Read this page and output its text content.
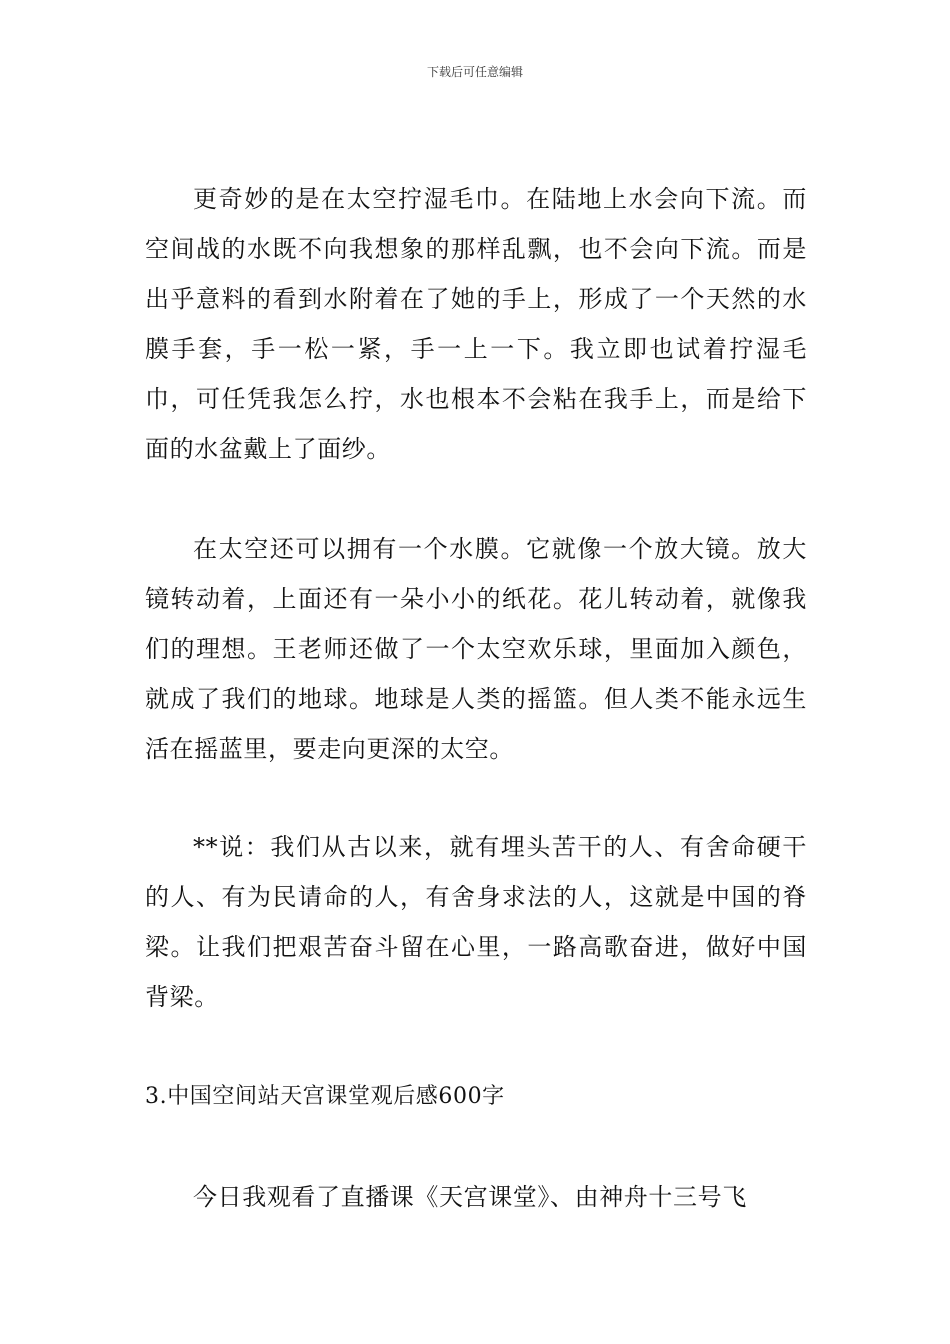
下载后可任意编辑

更奇妙的是在太空拧湿毛巾。在陆地上水会向下流。而空间战的水既不向我想象的那样乱飘，也不会向下流。而是出乎意料的看到水附着在了她的手上，形成了一个天然的水膜手套，手一松一紧，手一上一下。我立即也试着拧湿毛巾，可任凭我怎么拧，水也根本不会粘在我手上，而是给下面的水盆戴上了面纱。

在太空还可以拥有一个水膜。它就像一个放大镜。放大镜转动着，上面还有一朵小小的纸花。花儿转动着，就像我们的理想。王老师还做了一个太空欢乐球，里面加入颜色，就成了我们的地球。地球是人类的摇篮。但人类不能永远生活在摇蓝里，要走向更深的太空。

**说：我们从古以来，就有埋头苦干的人、有舍命硬干的人、有为民请命的人，有舍身求法的人，这就是中国的脊梁。让我们把艰苦奋斗留在心里，一路高歌奋进，做好中国背梁。

3.中国空间站天宫课堂观后感600字

今日我观看了直播课《天宫课堂》、由神舟十三号飞
